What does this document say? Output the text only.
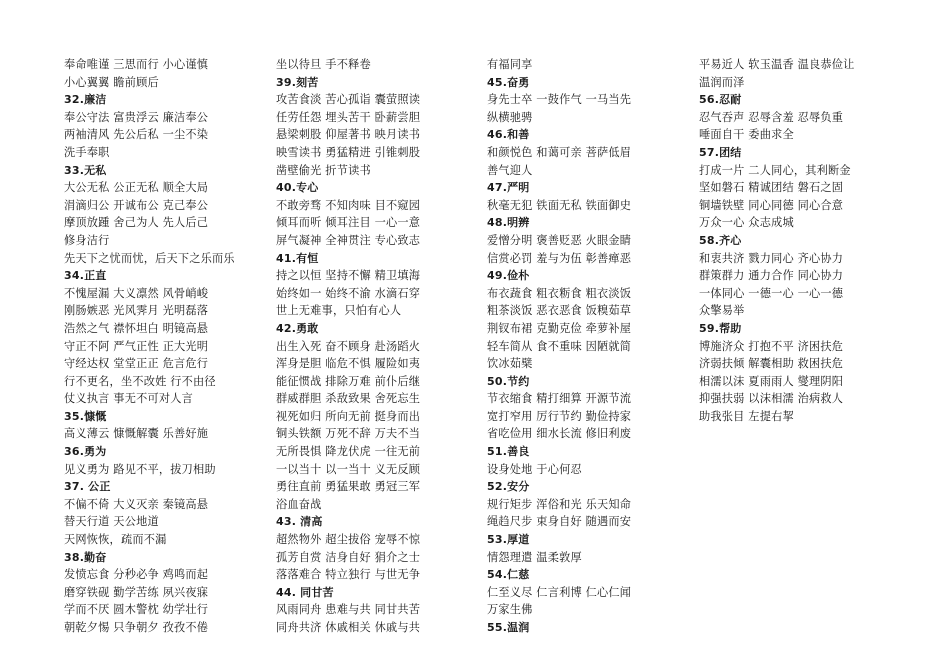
奉命唯谨 三思而行 小心谨慎
小心翼翼 瞻前顾后
32.廉洁
奉公守法 富贵浮云 廉洁奉公
两袖清风 先公后私 一尘不染
洗手奉职
33.无私
大公无私 公正无私 顺全大局
涓滴归公 开诚布公 克己奉公
摩顶放踵 舍己为人 先人后己
修身洁行
先天下之忧而忧，后天下之乐而乐
34.正直
不愧屋漏 大义凛然 风骨峭峻
刚肠嫉恶 光风霁月 光明磊落
浩然之气 襟怀坦白 明镜高悬
守正不阿 严气正性 正大光明
守经达权 堂堂正正 危言危行
行不更名，坐不改姓 行不由径
仗义执言 事无不可对人言
35.慷慨
高义薄云 慷慨解囊 乐善好施
36.勇为
见义勇为 路见不平，拔刀相助
37. 公正
不偏不倚 大义灭亲 秦镜高悬
替天行道 天公地道
天网恢恢，疏而不漏
38.勤奋
发愤忘食 分秒必争 鸡鸣而起
磨穿铁砚 勤学苦练 夙兴夜寐
学而不厌 圆木警枕 幼学壮行
朝乾夕惕 只争朝夕 孜孜不倦
坐以待旦 手不释卷
39.刻苦
攻苦食淡 苦心孤诣 囊萤照读
任劳任怨 埋头苦干 卧薪尝胆
悬梁刺股 仰屋著书 映月读书
映雪读书 勇猛精进 引锥刺股
凿壁偷光 折节读书
40.专心
不敢旁骛 不知肉味 目不窥园
倾耳而听 倾耳注目 一心一意
屏气凝神 全神贯注 专心致志
41.有恒
持之以恒 坚持不懈 精卫填海
始终如一 始终不渝 水滴石穿
世上无难事，只怕有心人
42.勇敢
出生入死 奋不顾身 赴汤蹈火
浑身是胆 临危不惧 履险如夷
能征惯战 排除万难 前仆后继
群威群胆 杀敌致果 舍死忘生
视死如归 所向无前 挺身而出
铜头铁额 万死不辞 万夫不当
无所畏惧 降龙伏虎 一往无前
一以当十 以一当十 义无反顾
勇往直前 勇猛果敢 勇冠三军
浴血奋战
43. 清高
超然物外 超尘拔俗 宠辱不惊
孤芳自赏 洁身自好 狷介之士
落落难合 特立独行 与世无争
44. 同甘苦
风雨同舟 患难与共 同甘共苦
同舟共济 休戚相关 休戚与共
有福同享
45.奋勇
身先士卒 一鼓作气 一马当先
纵横驰骋
46.和善
和颜悦色 和蔼可亲 菩萨低眉
善气迎人
47.严明
秋毫无犯 铁面无私 铁面御史
48.明辨
爱憎分明 褒善贬恶 火眼金睛
信赏必罚 羞与为伍 彰善瘅恶
49.俭朴
布衣蔬食 粗衣粝食 粗衣淡饭
粗茶淡饭 恶衣恶食 饭糗茹草
荆钗布裙 克勤克俭 牵萝补屋
轻车简从 食不重味 因陋就简
饮冰茹檗
50.节约
节衣缩食 精打细算 开源节流
宽打窄用 厉行节约 勤俭持家
省吃俭用 细水长流 修旧利废
51.善良
设身处地 于心何忍
52.安分
规行矩步 浑俗和光 乐天知命
绳趋尺步 束身自好 随遇而安
53.厚道
情怨理遣 温柔敦厚
54.仁慈
仁至义尽 仁言利博 仁心仁闻
万家生佛
55.温润
平易近人 软玉温香 温良恭俭让
温润而泽
56.忍耐
忍气吞声 忍辱含羞 忍辱负重
唾面自干 委曲求全
57.团结
打成一片 二人同心，其利断金
坚如磐石 精诚团结 磐石之固
铜墙铁壁 同心同德 同心合意
万众一心 众志成城
58.齐心
和衷共济 戮力同心 齐心协力
群策群力 通力合作 同心协力
一体同心 一德一心 一心一德
众擎易举
59.帮助
博施济众 打抱不平 济困扶危
济弱扶倾 解囊相助 救困扶危
相濡以沫 夏雨雨人 燮理阴阳
抑强扶弱 以沫相濡 治病救人
助我张目 左提右挈
